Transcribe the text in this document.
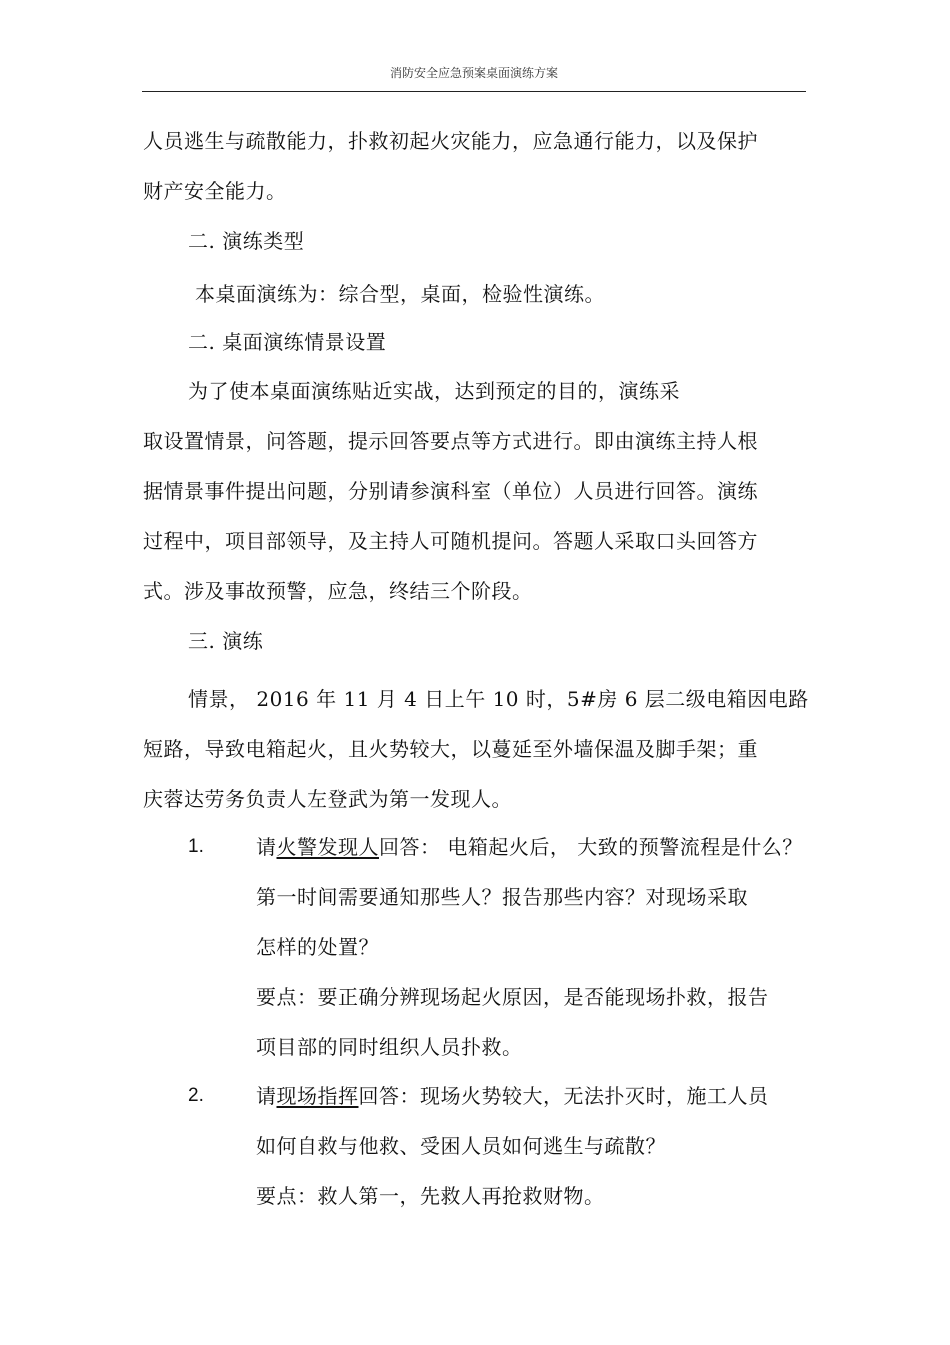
消防安全应急预案桌面演练方案
人员逃生与疏散能力，扑救初起火灾能力，应急通行能力，以及保护
财产安全能力。
二. 演练类型
本桌面演练为：综合型，桌面，检验性演练。
二. 桌面演练情景设置
为了使本桌面演练贴近实战，达到预定的目的，演练采
取设置情景，问答题，提示回答要点等方式进行。即由演练主持人根
据情景事件提出问题，分别请参演科室（单位）人员进行回答。演练
过程中，项目部领导，及主持人可随机提问。答题人采取口头回答方
式。涉及事故预警，应急，终结三个阶段。
三. 演练
情景， 2016 年 11 月 4 日上午 10 时，5#房 6 层二级电箱因电路
短路，导致电箱起火，且火势较大，以蔓延至外墙保温及脚手架；重
庆蓉达劳务负责人左登武为第一发现人。
1.	请火警发现人回答： 电箱起火后， 大致的预警流程是什么？
第一时间需要通知那些人？报告那些内容？对现场采取
怎样的处置？
要点：要正确分辨现场起火原因，是否能现场扑救，报告
项目部的同时组织人员扑救。
2.	请现场指挥回答：现场火势较大，无法扑灭时，施工人员
如何自救与他救、受困人员如何逃生与疏散？
要点：救人第一，先救人再抢救财物。
